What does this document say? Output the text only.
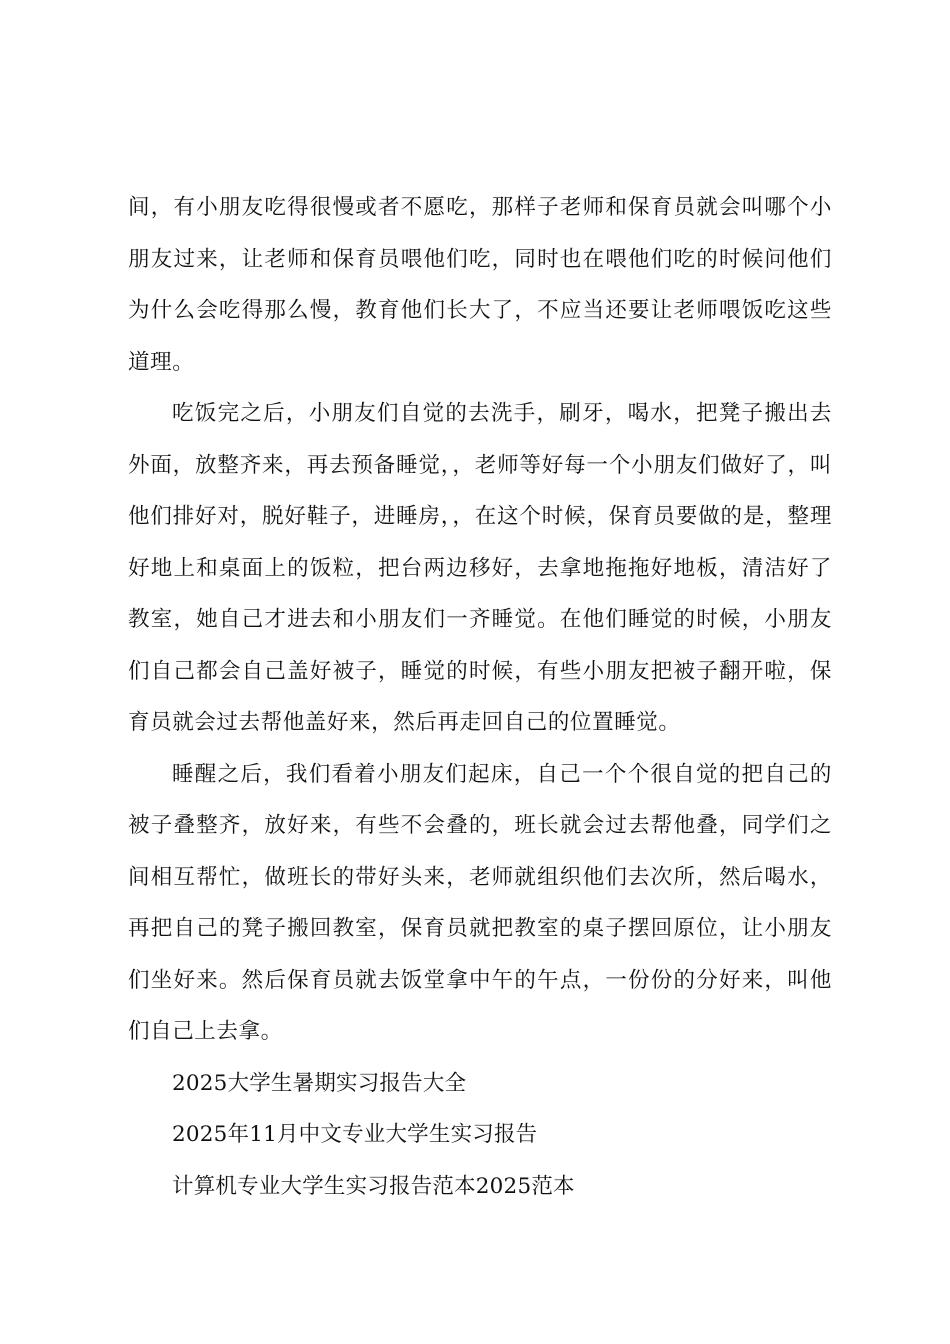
间，有小朋友吃得很慢或者不愿吃，那样子老师和保育员就会叫哪个小朋友过来，让老师和保育员喂他们吃，同时也在喂他们吃的时候问他们为什么会吃得那么慢，教育他们长大了，不应当还要让老师喂饭吃这些道理。

吃饭完之后，小朋友们自觉的去洗手，刷牙，喝水，把凳子搬出去外面，放整齐来，再去预备睡觉，，老师等好每一个小朋友们做好了，叫他们排好对，脱好鞋子，进睡房，，在这个时候，保育员要做的是，整理好地上和桌面上的饭粒，把台两边移好，去拿地拖拖好地板，清洁好了教室，她自己才进去和小朋友们一齐睡觉。在他们睡觉的时候，小朋友们自己都会自己盖好被子，睡觉的时候，有些小朋友把被子翻开啦，保育员就会过去帮他盖好来，然后再走回自己的位置睡觉。

睡醒之后，我们看着小朋友们起床，自己一个个很自觉的把自己的被子叠整齐，放好来，有些不会叠的，班长就会过去帮他叠，同学们之间相互帮忙，做班长的带好头来，老师就组织他们去次所，然后喝水，再把自己的凳子搬回教室，保育员就把教室的桌子摆回原位，让小朋友们坐好来。然后保育员就去饭堂拿中午的午点，一份份的分好来，叫他们自己上去拿。

2025大学生暑期实习报告大全

2025年11月中文专业大学生实习报告

计算机专业大学生实习报告范本2025范本
